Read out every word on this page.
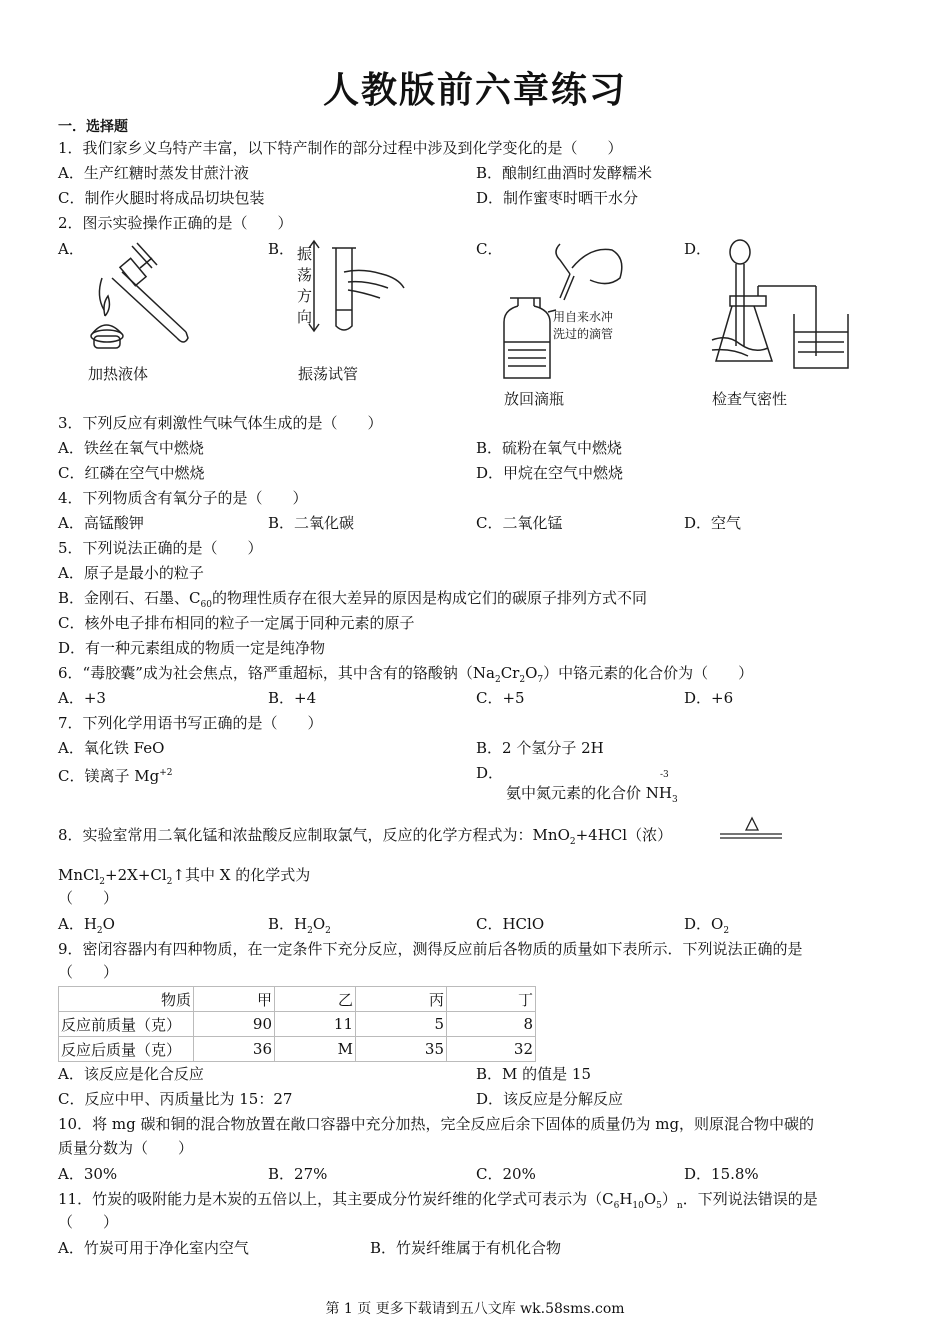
人教版前六章练习
一．选择题
1．我们家乡义乌特产丰富，以下特产制作的部分过程中涉及到化学变化的是（　　）
A．生产红糖时蒸发甘蔗汁液	B．酿制红曲酒时发酵糯米
C．制作火腿时将成品切块包装	D．制作蜜枣时晒干水分
2．图示实验操作正确的是（　　）
A．	B．	C．	D．
加热液体
振荡方向
振荡试管
用自来水冲
洗过的滴管
放回滴瓶	检查气密性
3．下列反应有刺激性气味气体生成的是（　　）
A．铁丝在氧气中燃烧	B．硫粉在氧气中燃烧
C．红磷在空气中燃烧	D．甲烷在空气中燃烧
4．下列物质含有氧分子的是（　　）
A．高锰酸钾	B．二氧化碳	C．二氧化锰	D．空气
5．下列说法正确的是（　　）
A．原子是最小的粒子
B．金刚石、石墨、$C_{60}$的物理性质存在很大差异的原因是构成它们的碳原子排列方式不同
C．核外电子排布相同的粒子一定属于同种元素的原子
D．有一种元素组成的物质一定是纯净物
6．“毒胶囊”成为社会焦点，铬严重超标，其中含有的铬酸钠$(Na_2Cr_2O_7)$中铬元素的化合价为（　　）
A．+3	B．+4	C．+5	D．+6
7．下列化学用语书写正确的是（　　）
A．氧化铁 FeO	B．2 个氢分子 2H
C．镁离子 $Mg^{+2}$	D．	-3
氨中氮元素的化合价 $NH_3$
8．实验室常用二氧化锰和浓盐酸反应制取氯气，反应的化学方程式为：MnO$_2$+4HCl（浓）
$MnCl_2+2X+Cl_2↑$其中 X 的化学式为
（　　）
A．$H_2O$	B．$H_2O_2$	C．HClO	D．$O_2$
9．密闭容器内有四种物质，在一定条件下充分反应，测得反应前后各物质的质量如下表所示．下列说法正确的是
（　　）
物质	甲	乙	丙	丁
反应前质量（克）	90	11	5	8
反应后质量（克）	36	M	35	32
A．该反应是化合反应	B．M 的值是 15
C．反应中甲、丙质量比为 15：27	D．该反应是分解反应
10．将 mg 碳和铜的混合物放置在敞口容器中充分加热，完全反应后余下固体的质量仍为 mg，则原混合物中碳的
质量分数为（　　）
A．30%	B．27%	C．20%	D．15.8%
11．竹炭的吸附能力是木炭的五倍以上，其主要成分竹炭纤维的化学式可表示为$(C_6H_{10}O_5)_n$．下列说法错误的是
（　　）
A．竹炭可用于净化室内空气	B．竹炭纤维属于有机化合物
第 1 页 更多下载请到五八文库 wk.58sms.com
